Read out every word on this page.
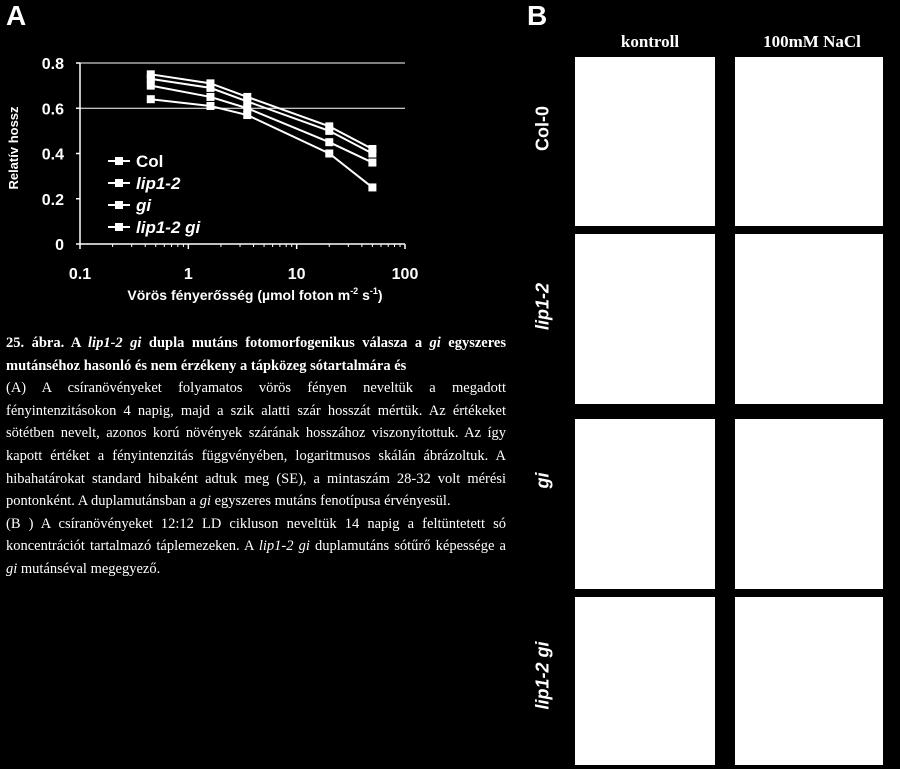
A	B
0
0.2
0.4
0.6
0.8
0.1	1	10	100
Col
lip1-2
gi
lip1-2 gi
Relatív hossz
Vörös fényerősség (µmol foton $m^{-2}$ $s^{-1}$)

25. ábra. A lip1-2 gi dupla mutáns fotomorfogenikus válasza a gi egyszeres mutánséhoz hasonló és nem érzékeny a tápközeg sótartalmára és

(A) A csíranövényeket folyamatos vörös fényen neveltük a megadott fényintenzitásokon 4 napig, majd a szik alatti szár hosszát mértük. Az értékeket sötétben nevelt, azonos korú növények szárának hosszához viszonyítottuk. Az így kapott értéket a fényintenzitás függvényében, logaritmusos skálán ábrázoltuk. A hibahatárokat standard hibaként adtuk meg (SE), a mintaszám 28-32 volt mérési pontonként. A duplamutánsban a gi egyszeres mutáns fenotípusa érvényesül.

(B ) A csíranövényeket 12:12 LD cikluson neveltük 14 napig a feltüntetett só koncentrációt tartalmazó táplemezeken. A lip1-2 gi duplamutáns sótűrő képessége a gi mutánséval megegyező.

kontroll	100mM NaCl
Col-0
lip1-2
gi
lip1-2 gi
